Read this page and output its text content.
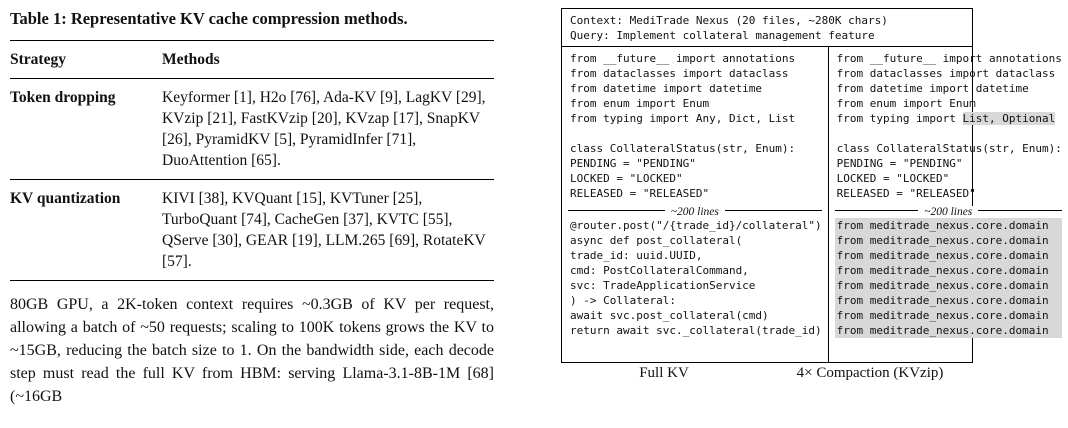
Table 1: Representative KV cache compression methods.
Strategy	Methods
Token dropping	Keyformer [1], H2o [76], Ada-KV [9], LagKV [29], KVzip [21], FastKVzip [20], KVzap [17], SnapKV [26], PyramidKV [5], PyramidInfer [71], DuoAttention [65].
KV quantization	KIVI [38], KVQuant [15], KVTuner [25], TurboQuant [74], CacheGen [37], KVTC [55], QServe [30], GEAR [19], LLM.265 [69], RotateKV [57].
80GB GPU, a 2K-token context requires ~0.3GB of KV per request, allowing a batch of ~50 requests; scaling to 100K tokens grows the KV to ~15GB, reducing the batch size to 1. On the bandwidth side, each decode step must read the full KV from HBM: serving Llama-3.1-8B-1M [68] (~16GB
Context: MediTrade Nexus (20 files, ~280K chars)
Query: Implement collateral management feature
from __future__ import annotations
from dataclasses import dataclass
from datetime import datetime
from enum import Enum
from typing import Any, Dict, List

class CollateralStatus(str, Enum):
PENDING = "PENDING"
LOCKED = "LOCKED"
RELEASED = "RELEASED"
~200 lines
@router.post("/{trade_id}/collateral")
async def post_collateral(
trade_id: uuid.UUID,
cmd: PostCollateralCommand,
svc: TradeApplicationService
) -> Collateral:
await svc.post_collateral(cmd)
return await svc._collateral(trade_id)
from __future__ import annotations
from dataclasses import dataclass
from datetime import datetime
from enum import Enum
from typing import List, Optional

class CollateralStatus(str, Enum):
PENDING = "PENDING"
LOCKED = "LOCKED"
RELEASED = "RELEASED"
~200 lines
from meditrade_nexus.core.domain
from meditrade_nexus.core.domain
from meditrade_nexus.core.domain
from meditrade_nexus.core.domain
from meditrade_nexus.core.domain
from meditrade_nexus.core.domain
from meditrade_nexus.core.domain
from meditrade_nexus.core.domain
Full KV	4× Compaction (KVzip)
